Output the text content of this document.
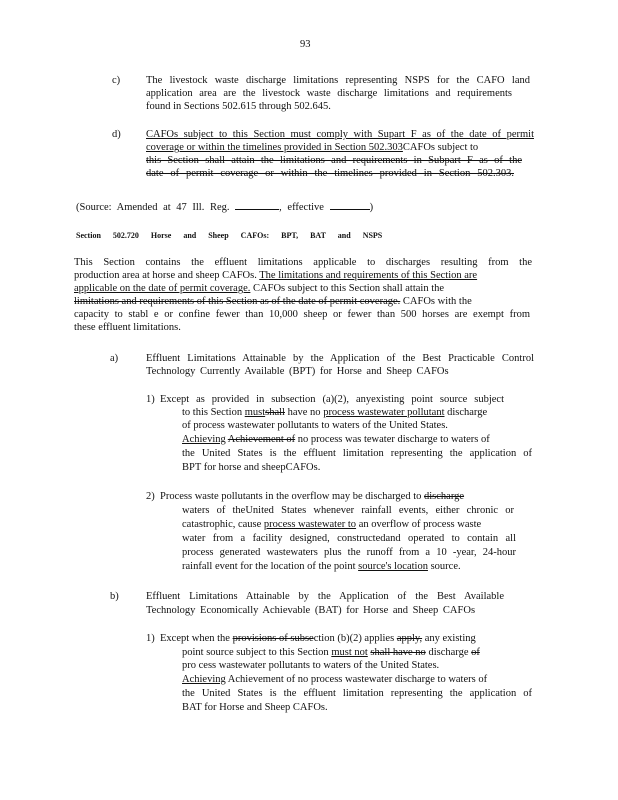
93
c) The livestock waste discharge limitations representing NSPS for the CAFO land
application area are the livestock waste discharge limitations and requirements
found in Sections 502.615 through 502.645.
d) CAFOs subject to this Section must comply with Supart F as of the date of permit
coverage or within the timelines provided in Section 502.303CAFOs subject to
this Section shall attain the limitations and requirements in Subpart F as of the
date of permit coverage or within the timelines provided in Section 502.303.
(Source: Amended at 47 Ill. Reg.	, effective	)
Section 502.720 Horse and Sheep CAFOs: BPT, BAT and NSPS
This Section contains the effluent limitations applicable to discharges resulting from the
production area at horse and sheep CAFOs. The limitations and requirements of this Section are
applicable on the date of permit coverage. CAFOs subject to this Section shall attain the
limitations and requirements of this Section as of the date of permit coverage. CAFOs with the
capacity to stabl e or confine fewer than 10,000 sheep or fewer than 500 horses are exempt from
these effluent limitations.
a)	Effluent Limitations Attainable by the Application of the Best Practicable Control
Technology Currently Available (BPT) for Horse and Sheep CAFOs
1) Except as provided in subsection (a)(2), anyexisting point source subject
to this Section mustshall have no process wastewater pollutant discharge
of process wastewater pollutants to waters of the United States.
Achieving Achievement of no process was tewater discharge to waters of
the United States is the effluent limitation representing the application of
BPT for horse and sheepCAFOs.
2) Process waste pollutants in the overflow may be discharged to discharge
waters of theUnited States whenever rainfall events, either chronic or
catastrophic, cause process wastewater to an overflow of process waste
water from a facility designed, constructedand operated to contain all
process generated wastewaters plus the runoff from a 10 -year, 24-hour
rainfall event for the location of the point source's location source.
b)	Effluent Limitations Attainable by the Application of the Best Available
Technology Economically Achievable (BAT) for Horse and Sheep CAFOs
1) Except when the provisions of subsection (b)(2) applies apply, any existing
point source subject to this Section must not shall have no discharge of
pro cess wastewater pollutants to waters of the United States.
Achieving Achievement of no process wastewater discharge to waters of
the United States is the effluent limitation representing the application of
BAT for Horse and Sheep CAFOs.
